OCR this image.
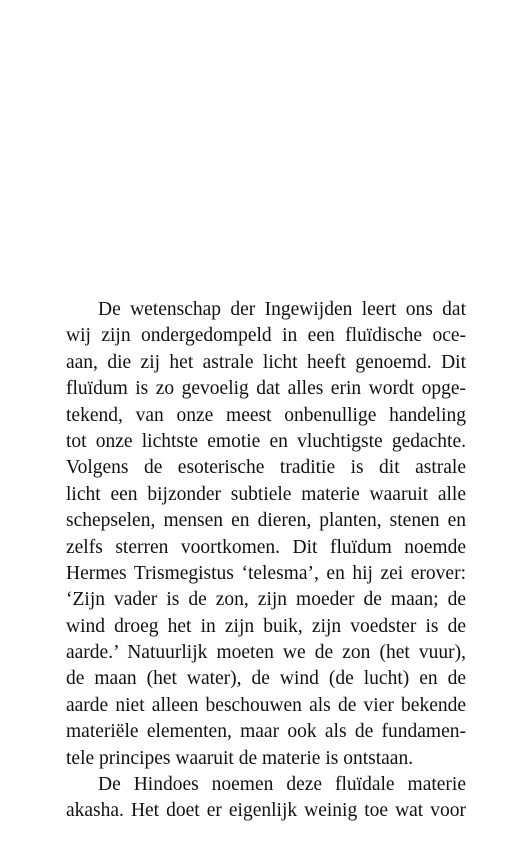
De wetenschap der Ingewijden leert ons dat
wij zijn ondergedompeld in een fluïdische oce-
aan, die zij het astrale licht heeft genoemd. Dit
fluïdum is zo gevoelig dat alles erin wordt opge-
tekend, van onze meest onbenullige handeling
tot onze lichtste emotie en vluchtigste gedachte.
Volgens de esoterische traditie is dit astrale
licht een bijzonder subtiele materie waaruit alle
schepselen, mensen en dieren, planten, stenen en
zelfs sterren voortkomen. Dit fluïdum noemde
Hermes Trismegistus ‘telesma’, en hij zei erover:
‘Zijn vader is de zon, zijn moeder de maan; de
wind droeg het in zijn buik, zijn voedster is de
aarde.’ Natuurlijk moeten we de zon (het vuur),
de maan (het water), de wind (de lucht) en de
aarde niet alleen beschouwen als de vier bekende
materiële elementen, maar ook als de fundamen-
tele principes waaruit de materie is ontstaan.
De Hindoes noemen deze fluïdale materie
akasha. Het doet er eigenlijk weinig toe wat voor
